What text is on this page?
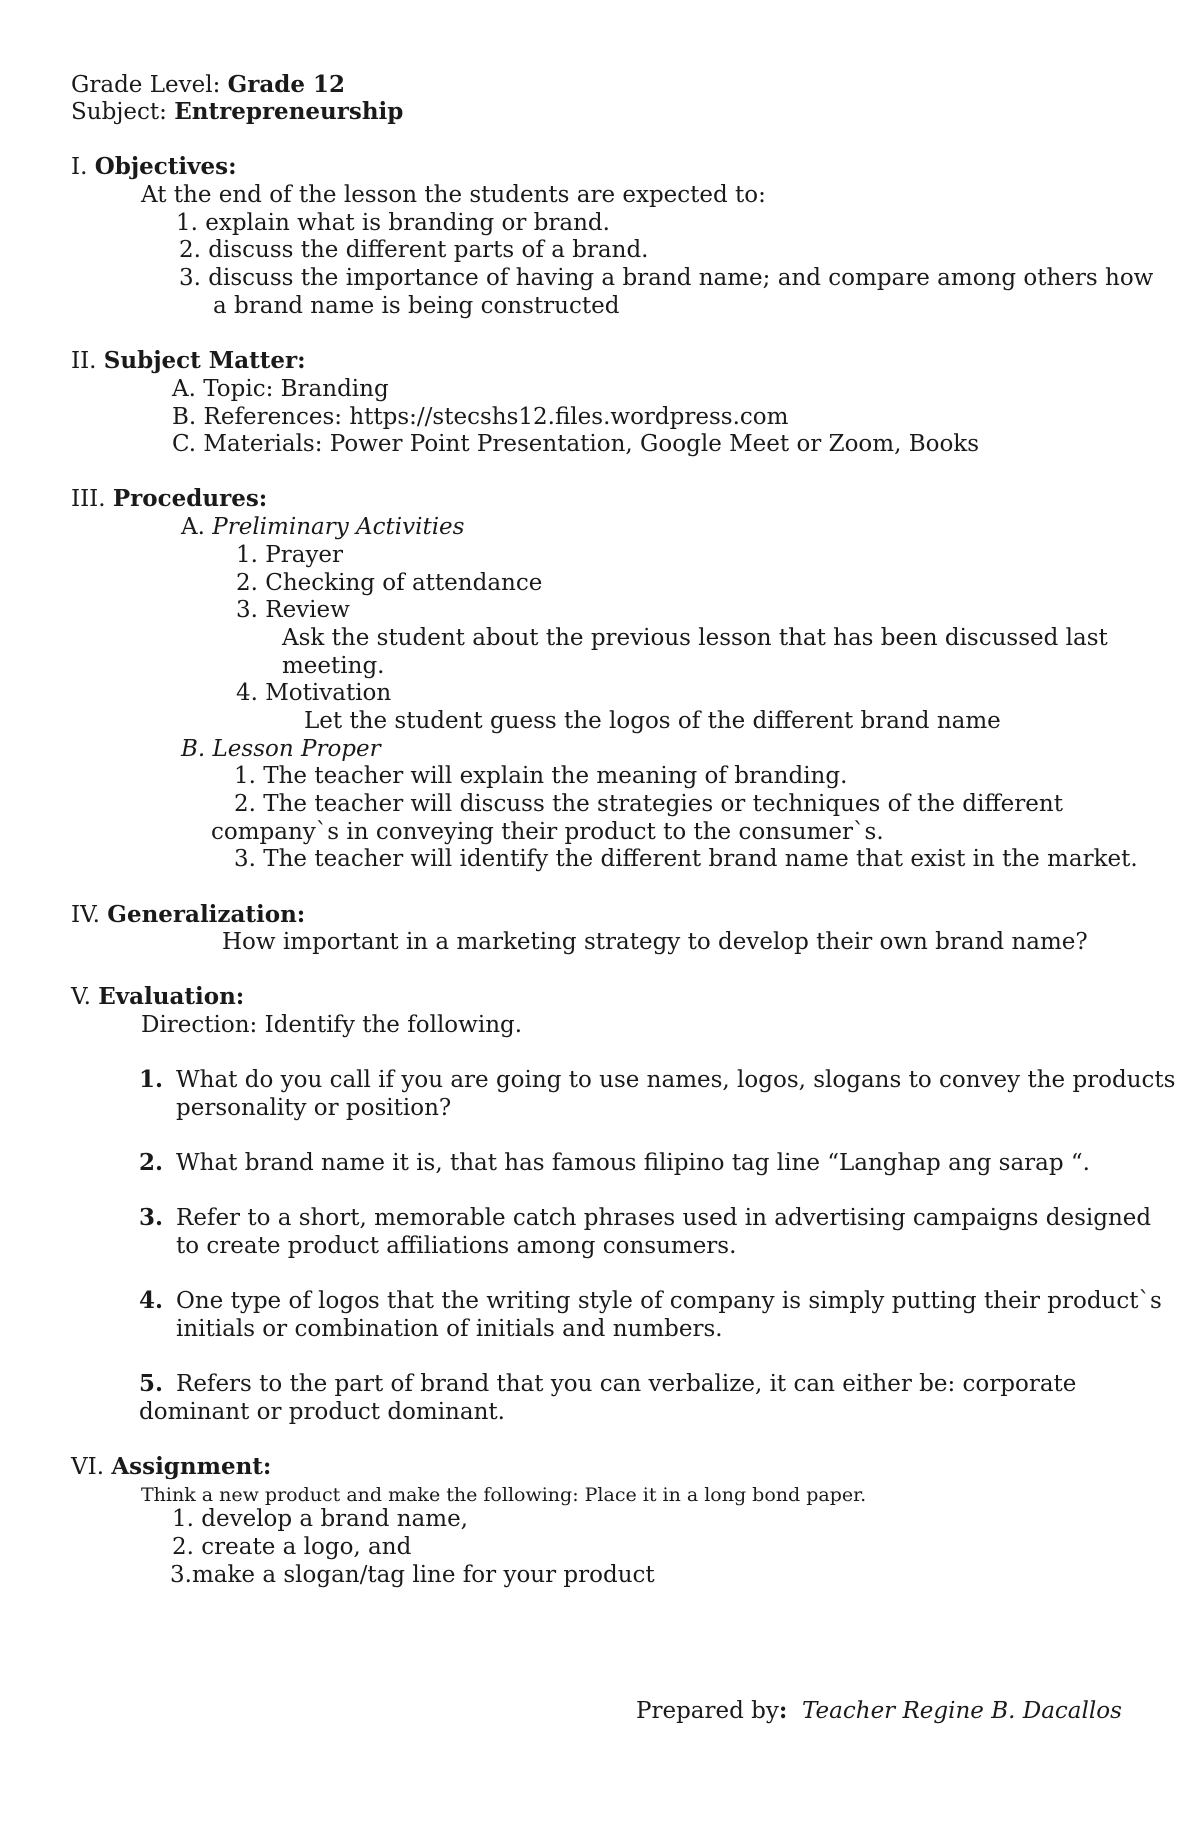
Grade Level: Grade 12
Subject: Entrepreneurship
I. Objectives:
At the end of the lesson the students are expected to:
1. explain what is branding or brand.
2. discuss the different parts of a brand.
3. discuss the importance of having a brand name; and compare among others how
a brand name is being constructed
II. Subject Matter:
A. Topic: Branding
B. References: https://stecshs12.files.wordpress.com
C. Materials: Power Point Presentation, Google Meet or Zoom, Books
III. Procedures:
A. Preliminary Activities
1. Prayer
2. Checking of attendance
3. Review
Ask the student about the previous lesson that has been discussed last
meeting.
4. Motivation
Let the student guess the logos of the different brand name
B. Lesson Proper
1. The teacher will explain the meaning of branding.
2. The teacher will discuss the strategies or techniques of the different
company`s in conveying their product to the consumer`s.
3. The teacher will identify the different brand name that exist in the market.
IV. Generalization:
How important in a marketing strategy to develop their own brand name?
V. Evaluation:
Direction: Identify the following.
1. What do you call if you are going to use names, logos, slogans to convey the products
personality or position?
2. What brand name it is, that has famous filipino tag line “Langhap ang sarap “.
3. Refer to a short, memorable catch phrases used in advertising campaigns designed
to create product affiliations among consumers.
4. One type of logos that the writing style of company is simply putting their product`s
initials or combination of initials and numbers.
5. Refers to the part of brand that you can verbalize, it can either be: corporate
dominant or product dominant.
VI. Assignment:
Think a new product and make the following: Place it in a long bond paper.
1. develop a brand name,
2. create a logo, and
3.make a slogan/tag line for your product
Prepared by: Teacher Regine B. Dacallos
